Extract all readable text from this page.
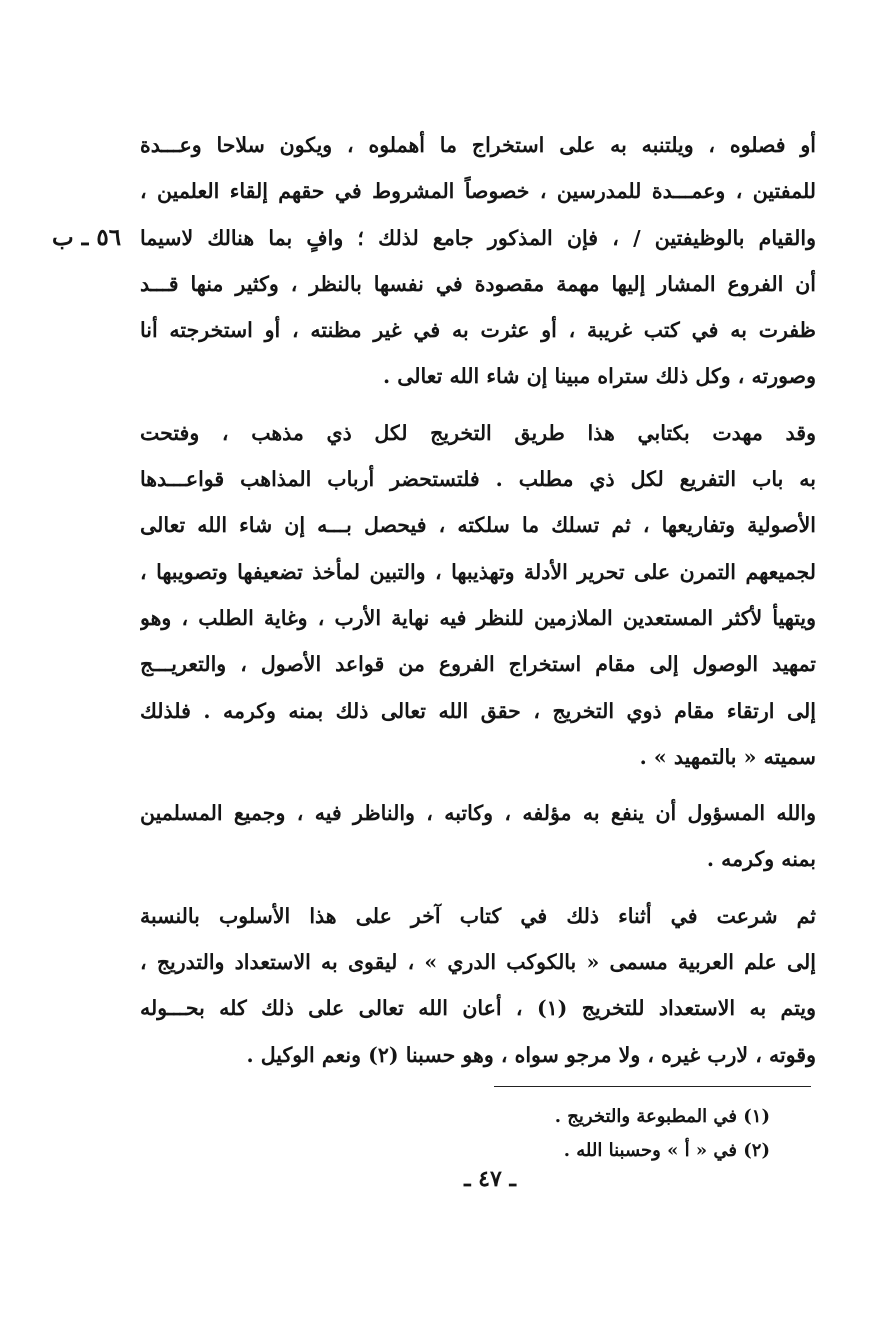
٥٦ ـ ب
أو فصلوه ، ويلتنبه به على استخراج ما أهملوه ، ويكون سلاحا وعـــدة
للمفتين ، وعمـــدة للمدرسين ، خصوصاً المشروط في حقهم إلقاء العلمين ،
والقيام بالوظيفتين / ، فإن المذكور جامع لذلك ؛ وافٍ بما هنالك لاسيما
أن الفروع المشار إليها مهمة مقصودة في نفسها بالنظر ، وكثير منها قـــد
ظفرت به في كتب غريبة ، أو عثرت به في غير مظنته ، أو استخرجته أنا
وصورته ، وكل ذلك ستراه مبينا إن شاء الله تعالى .
وقد مهدت بكتابي هذا طريق التخريج لكل ذي مذهب ، وفتحت
به باب التفريع لكل ذي مطلب . فلتستحضر أرباب المذاهب قواعـــدها
الأصولية وتفاريعها ، ثم تسلك ما سلكته ، فيحصل بـــه إن شاء الله تعالى
لجميعهم التمرن على تحرير الأدلة وتهذيبها ، والتبين لمأخذ تضعيفها وتصويبها ،
ويتهيأ لأكثر المستعدين الملازمين للنظر فيه نهاية الأرب ، وغاية الطلب ، وهو
تمهيد الوصول إلى مقام استخراج الفروع من قواعد الأصول ، والتعريـــج
إلى ارتقاء مقام ذوي التخريج ، حقق الله تعالى ذلك بمنه وكرمه . فلذلك
سميته « بالتمهيد » .
والله المسؤول أن ينفع به مؤلفه ، وكاتبه ، والناظر فيه ، وجميع المسلمين
بمنه وكرمه .
ثم شرعت في أثناء ذلك في كتاب آخر على هذا الأسلوب بالنسبة
إلى علم العربية مسمى « بالكوكب الدري » ، ليقوى به الاستعداد والتدريج ،
ويتم به الاستعداد للتخريج (١) ، أعان الله تعالى على ذلك كله بحـــوله
وقوته ، لارب غيره ، ولا مرجو سواه ، وهو حسبنا (٢) ونعم الوكيل .
(١) في المطبوعة والتخريج .
(٢) في « أ » وحسبنا الله .
ـ ٤٧ ـ
